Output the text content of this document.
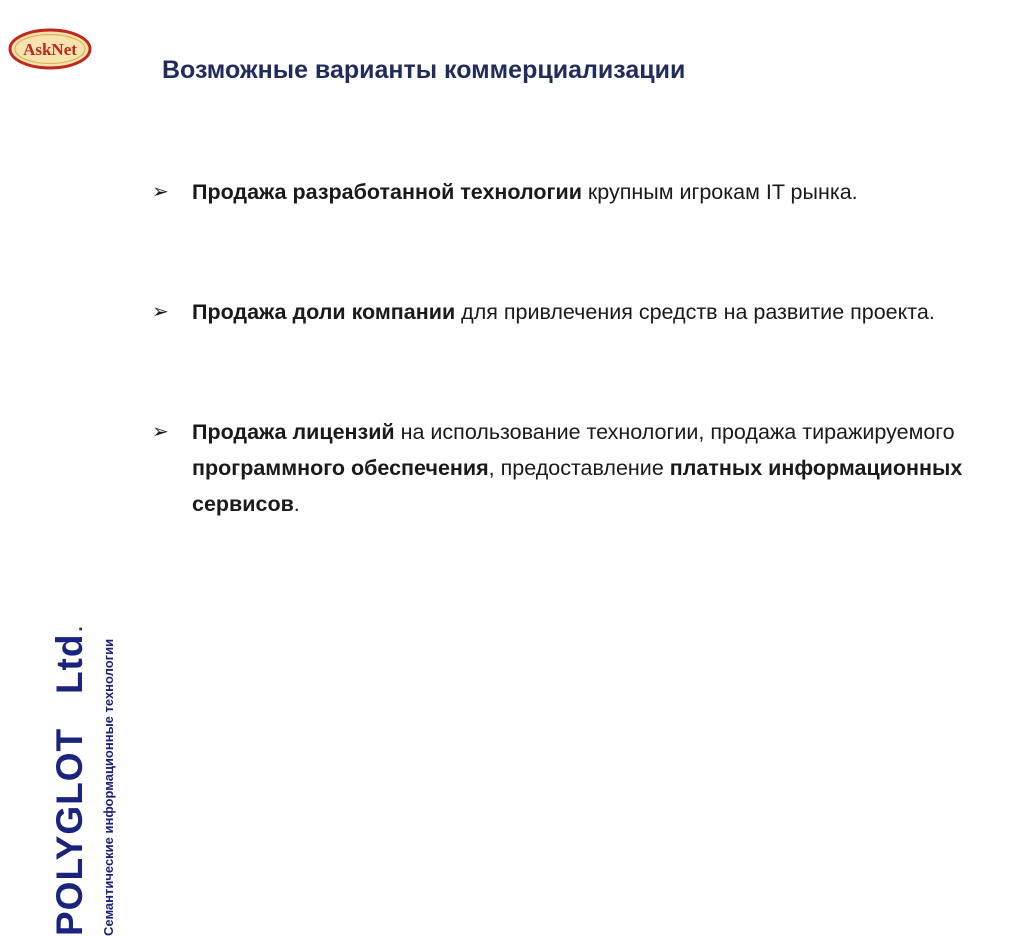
AskNet
Возможные варианты коммерциализации
POLYGLOT   Ltd.
Семантические информационные технологии
➢ Продажа разработанной технологии крупным игрокам IT рынка.
➢ Продажа доли компании для привлечения средств на развитие проекта.
➢ Продажа лицензий на использование технологии, продажа тиражируемого программного обеспечения, предоставление платных информационных сервисов.
